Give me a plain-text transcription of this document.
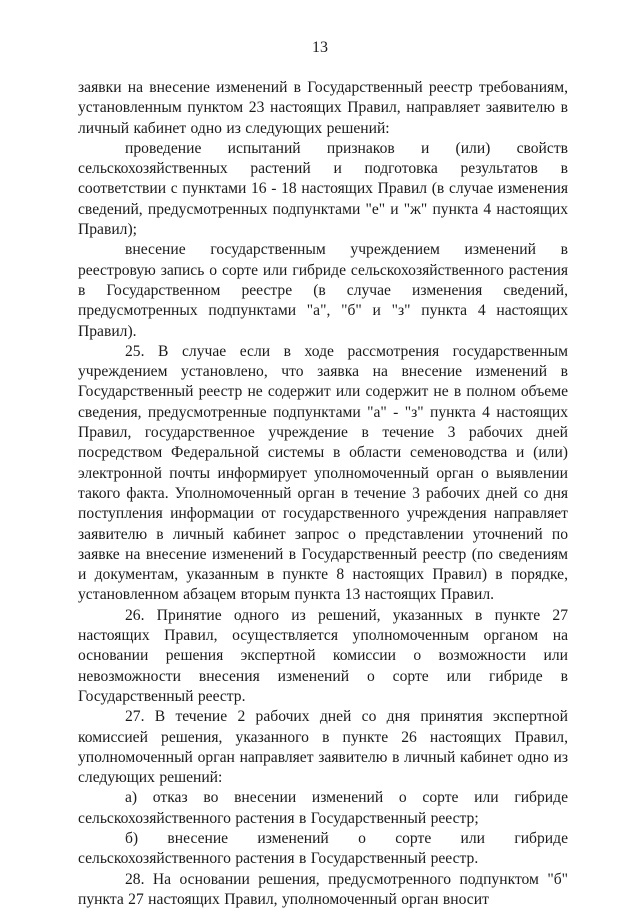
13

заявки на внесение изменений в Государственный реестр требованиям, установленным пунктом 23 настоящих Правил, направляет заявителю в личный кабинет одно из следующих решений:

проведение испытаний признаков и (или) свойств сельскохозяйственных растений и подготовка результатов в соответствии с пунктами 16 - 18 настоящих Правил (в случае изменения сведений, предусмотренных подпунктами "е" и "ж" пункта 4 настоящих Правил);

внесение государственным учреждением изменений в реестровую запись о сорте или гибриде сельскохозяйственного растения в Государственном реестре (в случае изменения сведений, предусмотренных подпунктами "а", "б" и "з" пункта 4 настоящих Правил).

25. В случае если в ходе рассмотрения государственным учреждением установлено, что заявка на внесение изменений в Государственный реестр не содержит или содержит не в полном объеме сведения, предусмотренные подпунктами "а" - "з" пункта 4 настоящих Правил, государственное учреждение в течение 3 рабочих дней посредством Федеральной системы в области семеноводства и (или) электронной почты информирует уполномоченный орган о выявлении такого факта. Уполномоченный орган в течение 3 рабочих дней со дня поступления информации от государственного учреждения направляет заявителю в личный кабинет запрос о представлении уточнений по заявке на внесение изменений в Государственный реестр (по сведениям и документам, указанным в пункте 8 настоящих Правил) в порядке, установленном абзацем вторым пункта 13 настоящих Правил.

26. Принятие одного из решений, указанных в пункте 27 настоящих Правил, осуществляется уполномоченным органом на основании решения экспертной комиссии о возможности или невозможности внесения изменений о сорте или гибриде в Государственный реестр.

27. В течение 2 рабочих дней со дня принятия экспертной комиссией решения, указанного в пункте 26 настоящих Правил, уполномоченный орган направляет заявителю в личный кабинет одно из следующих решений:

а) отказ во внесении изменений о сорте или гибриде сельскохозяйственного растения в Государственный реестр;

б) внесение изменений о сорте или гибриде сельскохозяйственного растения в Государственный реестр.

28. На основании решения, предусмотренного подпунктом "б" пункта 27 настоящих Правил, уполномоченный орган вносит
